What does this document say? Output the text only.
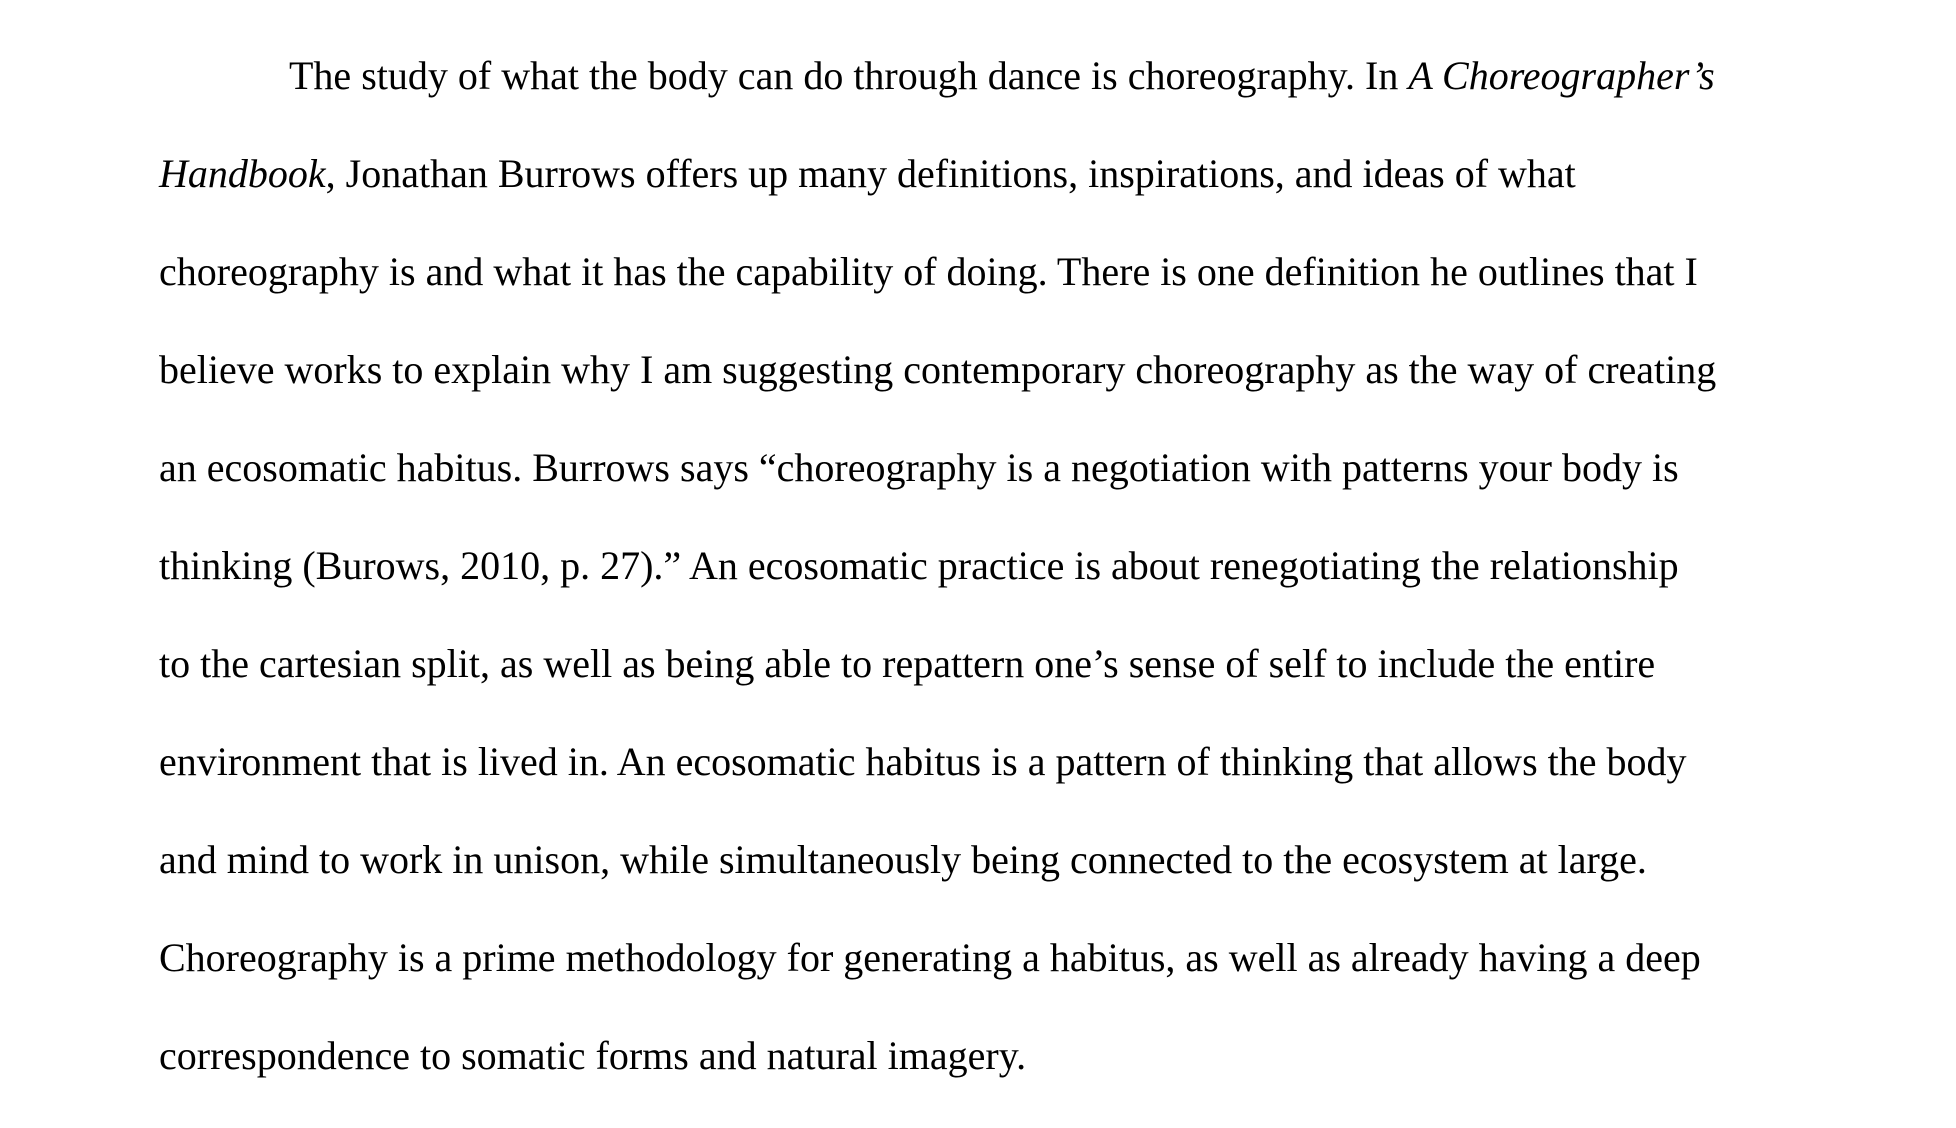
The study of what the body can do through dance is choreography. In A Choreographer’s
Handbook, Jonathan Burrows offers up many definitions, inspirations, and ideas of what
choreography is and what it has the capability of doing. There is one definition he outlines that I
believe works to explain why I am suggesting contemporary choreography as the way of creating
an ecosomatic habitus. Burrows says “choreography is a negotiation with patterns your body is
thinking (Burows, 2010, p. 27).” An ecosomatic practice is about renegotiating the relationship
to the cartesian split, as well as being able to repattern one’s sense of self to include the entire
environment that is lived in. An ecosomatic habitus is a pattern of thinking that allows the body
and mind to work in unison, while simultaneously being connected to the ecosystem at large.
Choreography is a prime methodology for generating a habitus, as well as already having a deep
correspondence to somatic forms and natural imagery.
